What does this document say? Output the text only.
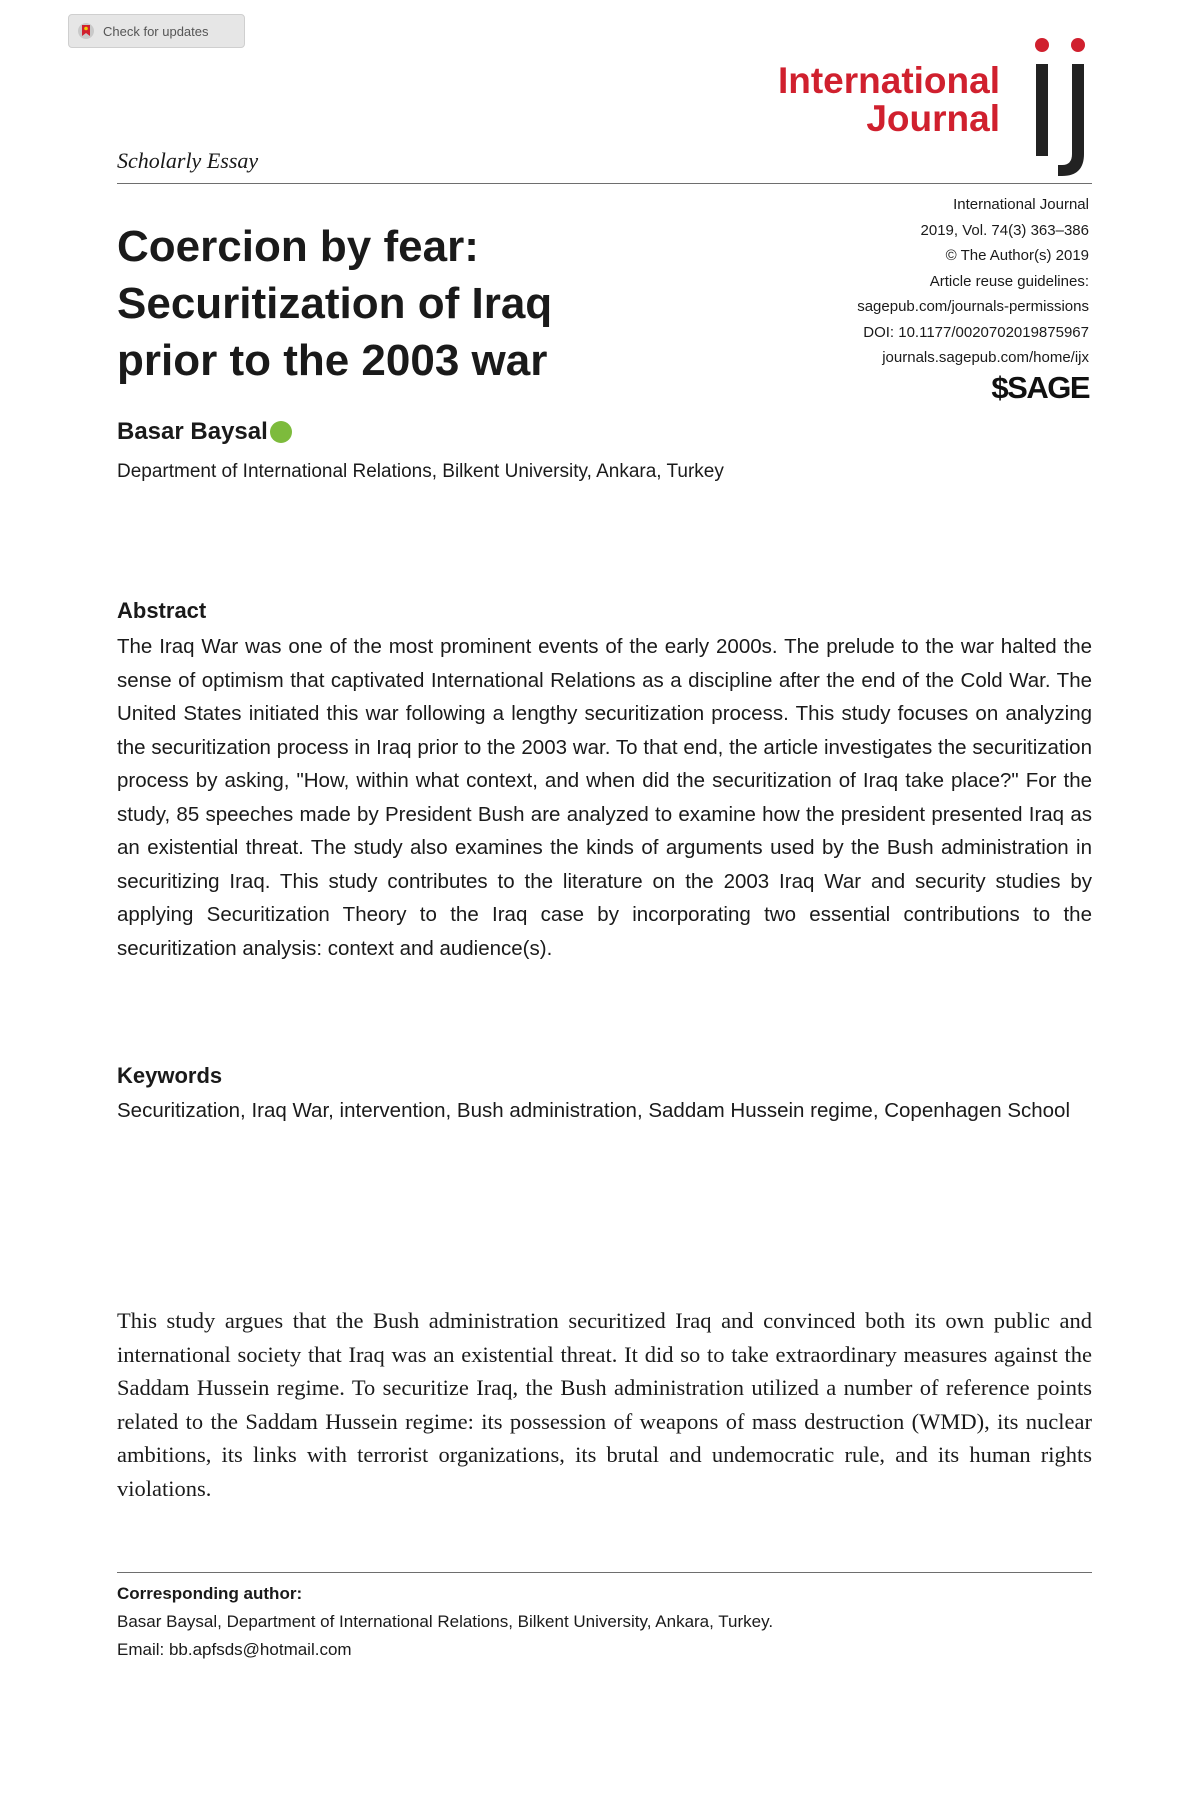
Check for updates
International
Journal
Scholarly Essay
International Journal
2019, Vol. 74(3) 363–386
© The Author(s) 2019
Article reuse guidelines:
sagepub.com/journals-permissions
DOI: 10.1177/0020702019875967
journals.sagepub.com/home/ijx
$SAGE
Coercion by fear:
Securitization of Iraq
prior to the 2003 war
Basar Baysal
Department of International Relations, Bilkent University, Ankara, Turkey
Abstract
The Iraq War was one of the most prominent events of the early 2000s. The prelude to the war halted the sense of optimism that captivated International Relations as a discipline after the end of the Cold War. The United States initiated this war following a lengthy securitization process. This study focuses on analyzing the securitization process in Iraq prior to the 2003 war. To that end, the article investigates the securitization process by asking, "How, within what context, and when did the securitization of Iraq take place?" For the study, 85 speeches made by President Bush are analyzed to examine how the president presented Iraq as an existential threat. The study also examines the kinds of arguments used by the Bush administration in securitizing Iraq. This study contributes to the literature on the 2003 Iraq War and security studies by applying Securitization Theory to the Iraq case by incorporating two essential contributions to the securitization analysis: context and audience(s).
Keywords
Securitization, Iraq War, intervention, Bush administration, Saddam Hussein regime, Copenhagen School
This study argues that the Bush administration securitized Iraq and convinced both its own public and international society that Iraq was an existential threat. It did so to take extraordinary measures against the Saddam Hussein regime. To securitize Iraq, the Bush administration utilized a number of reference points related to the Saddam Hussein regime: its possession of weapons of mass destruction (WMD), its nuclear ambitions, its links with terrorist organizations, its brutal and undemocratic rule, and its human rights violations.
Corresponding author:
Basar Baysal, Department of International Relations, Bilkent University, Ankara, Turkey.
Email: bb.apfsds@hotmail.com
